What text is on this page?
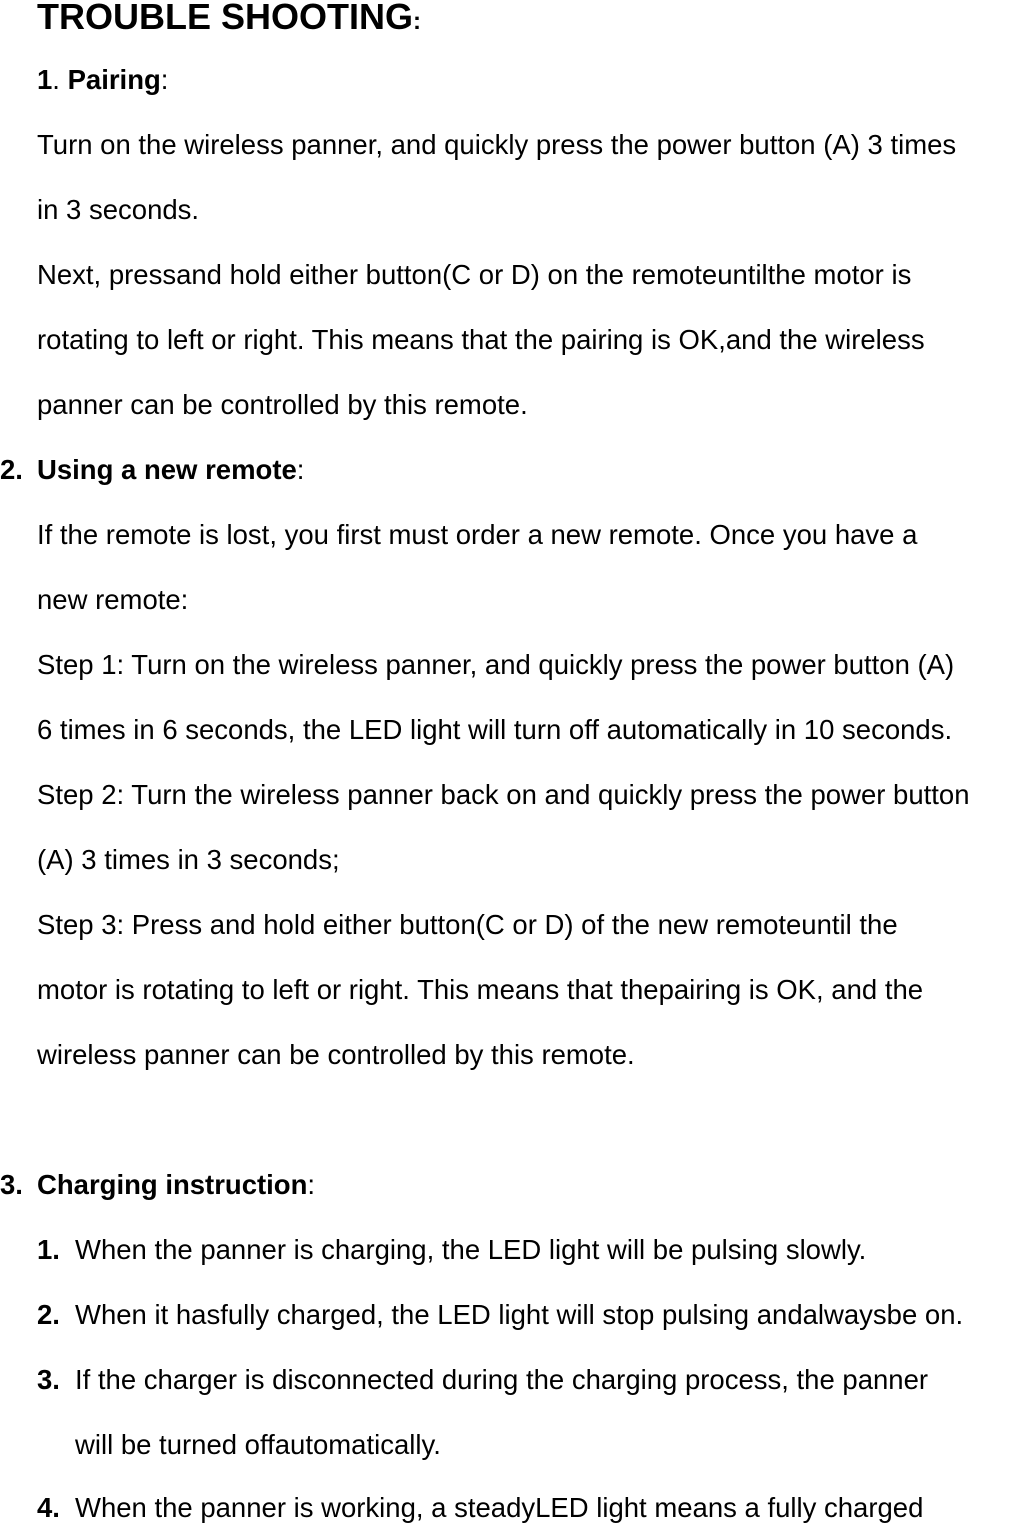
TROUBLE SHOOTING:
1. Pairing:
Turn on the wireless panner, and quickly press the power button (A) 3 times
in 3 seconds.
Next, pressand hold either button(C or D) on the remoteuntilthe motor is
rotating to left or right. This means that the pairing is OK,and the wireless
panner can be controlled by this remote.
2. Using a new remote:
If the remote is lost, you first must order a new remote. Once you have a
new remote:
Step 1: Turn on the wireless panner, and quickly press the power button (A)
6 times in 6 seconds, the LED light will turn off automatically in 10 seconds.
Step 2: Turn the wireless panner back on and quickly press the power button
(A) 3 times in 3 seconds;
Step 3: Press and hold either button(C or D) of the new remoteuntil the
motor is rotating to left or right. This means that thepairing is OK, and the
wireless panner can be controlled by this remote.
3. Charging instruction:
1. When the panner is charging, the LED light will be pulsing slowly.
2. When it hasfully charged, the LED light will stop pulsing andalwaysbe on.
3. If the charger is disconnected during the charging process, the panner
will be turned offautomatically.
4. When the panner is working, a steadyLED light means a fully charged
